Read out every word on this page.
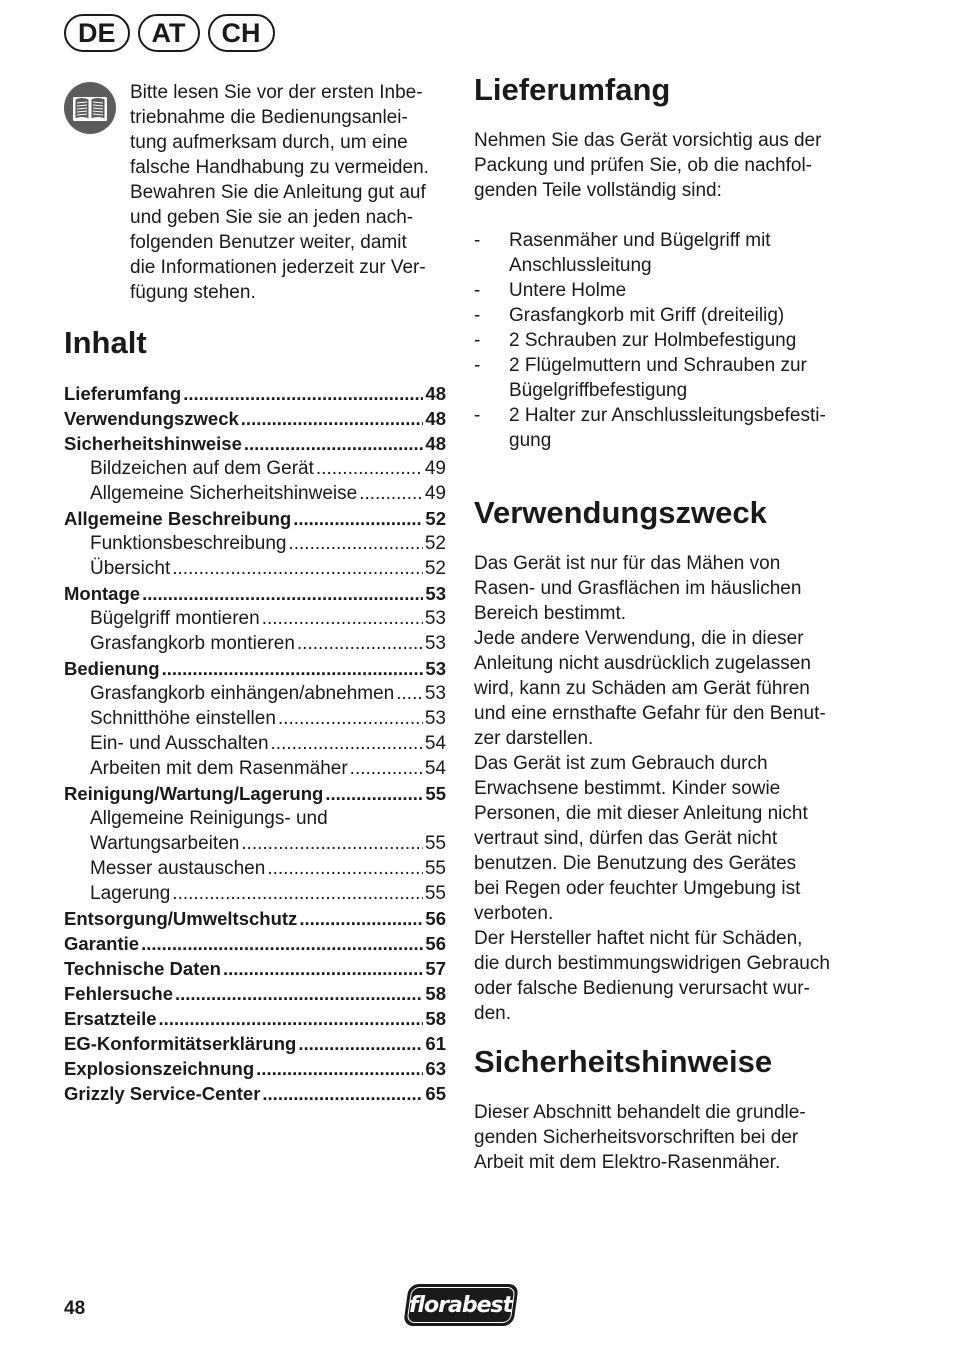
DE	AT	CH
Bitte lesen Sie vor der ersten Inbe-
triebnahme die Bedienungsanlei-
tung aufmerksam durch, um eine
falsche Handhabung zu vermeiden.
Bewahren Sie die Anleitung gut auf
und geben Sie sie an jeden nach-
folgenden Benutzer weiter, damit
die Informationen jederzeit zur Ver-
fügung stehen.
Inhalt
Lieferumfang .....	48
Verwendungszweck .....	48
Sicherheitshinweise .....	48
Bildzeichen auf dem Gerät .....	49
Allgemeine Sicherheitshinweise .....	49
Allgemeine Beschreibung .....	52
Funktionsbeschreibung .....	52
Übersicht .....	52
Montage .....	53
Bügelgriff montieren .....	53
Grasfangkorb montieren .....	53
Bedienung .....	53
Grasfangkorb einhängen/abnehmen ..... 53
Schnitthöhe einstellen .....	53
Ein- und Ausschalten .....	54
Arbeiten mit dem Rasenmäher .....	54
Reinigung/Wartung/Lagerung .....	55
Allgemeine Reinigungs- und
Wartungsarbeiten .....	55
Messer austauschen .....	55
Lagerung .....	55
Entsorgung/Umweltschutz .....	56
Garantie .....	56
Technische Daten .....	57
Fehlersuche .....	58
Ersatzteile .....	58
EG-Konformitätserklärung .....	61
Explosionszeichnung .....	63
Grizzly Service-Center .....	65
Lieferumfang
Nehmen Sie das Gerät vorsichtig aus der
Packung und prüfen Sie, ob die nachfol-
genden Teile vollständig sind:
-	Rasenmäher und Bügelgriff mit
Anschlussleitung
-	Untere Holme
-	Grasfangkorb mit Griff (dreiteilig)
-	2 Schrauben zur Holmbefestigung
-	2 Flügelmuttern und Schrauben zur
Bügelgriffbefestigung
-	2 Halter zur Anschlussleitungsbefesti-
gung
Verwendungszweck
Das Gerät ist nur für das Mähen von
Rasen- und Grasflächen im häuslichen
Bereich bestimmt.
Jede andere Verwendung, die in dieser
Anleitung nicht ausdrücklich zugelassen
wird, kann zu Schäden am Gerät führen
und eine ernsthafte Gefahr für den Benut-
zer darstellen.
Das Gerät ist zum Gebrauch durch
Erwachsene bestimmt. Kinder sowie
Personen, die mit dieser Anleitung nicht
vertraut sind, dürfen das Gerät nicht
benutzen. Die Benutzung des Gerätes
bei Regen oder feuchter Umgebung ist
verboten.
Der Hersteller haftet nicht für Schäden,
die durch bestimmungswidrigen Gebrauch
oder falsche Bedienung verursacht wur-
den.
Sicherheitshinweise
Dieser Abschnitt behandelt die grundle-
genden Sicherheitsvorschriften bei der
Arbeit mit dem Elektro-Rasenmäher.
48	florabest
